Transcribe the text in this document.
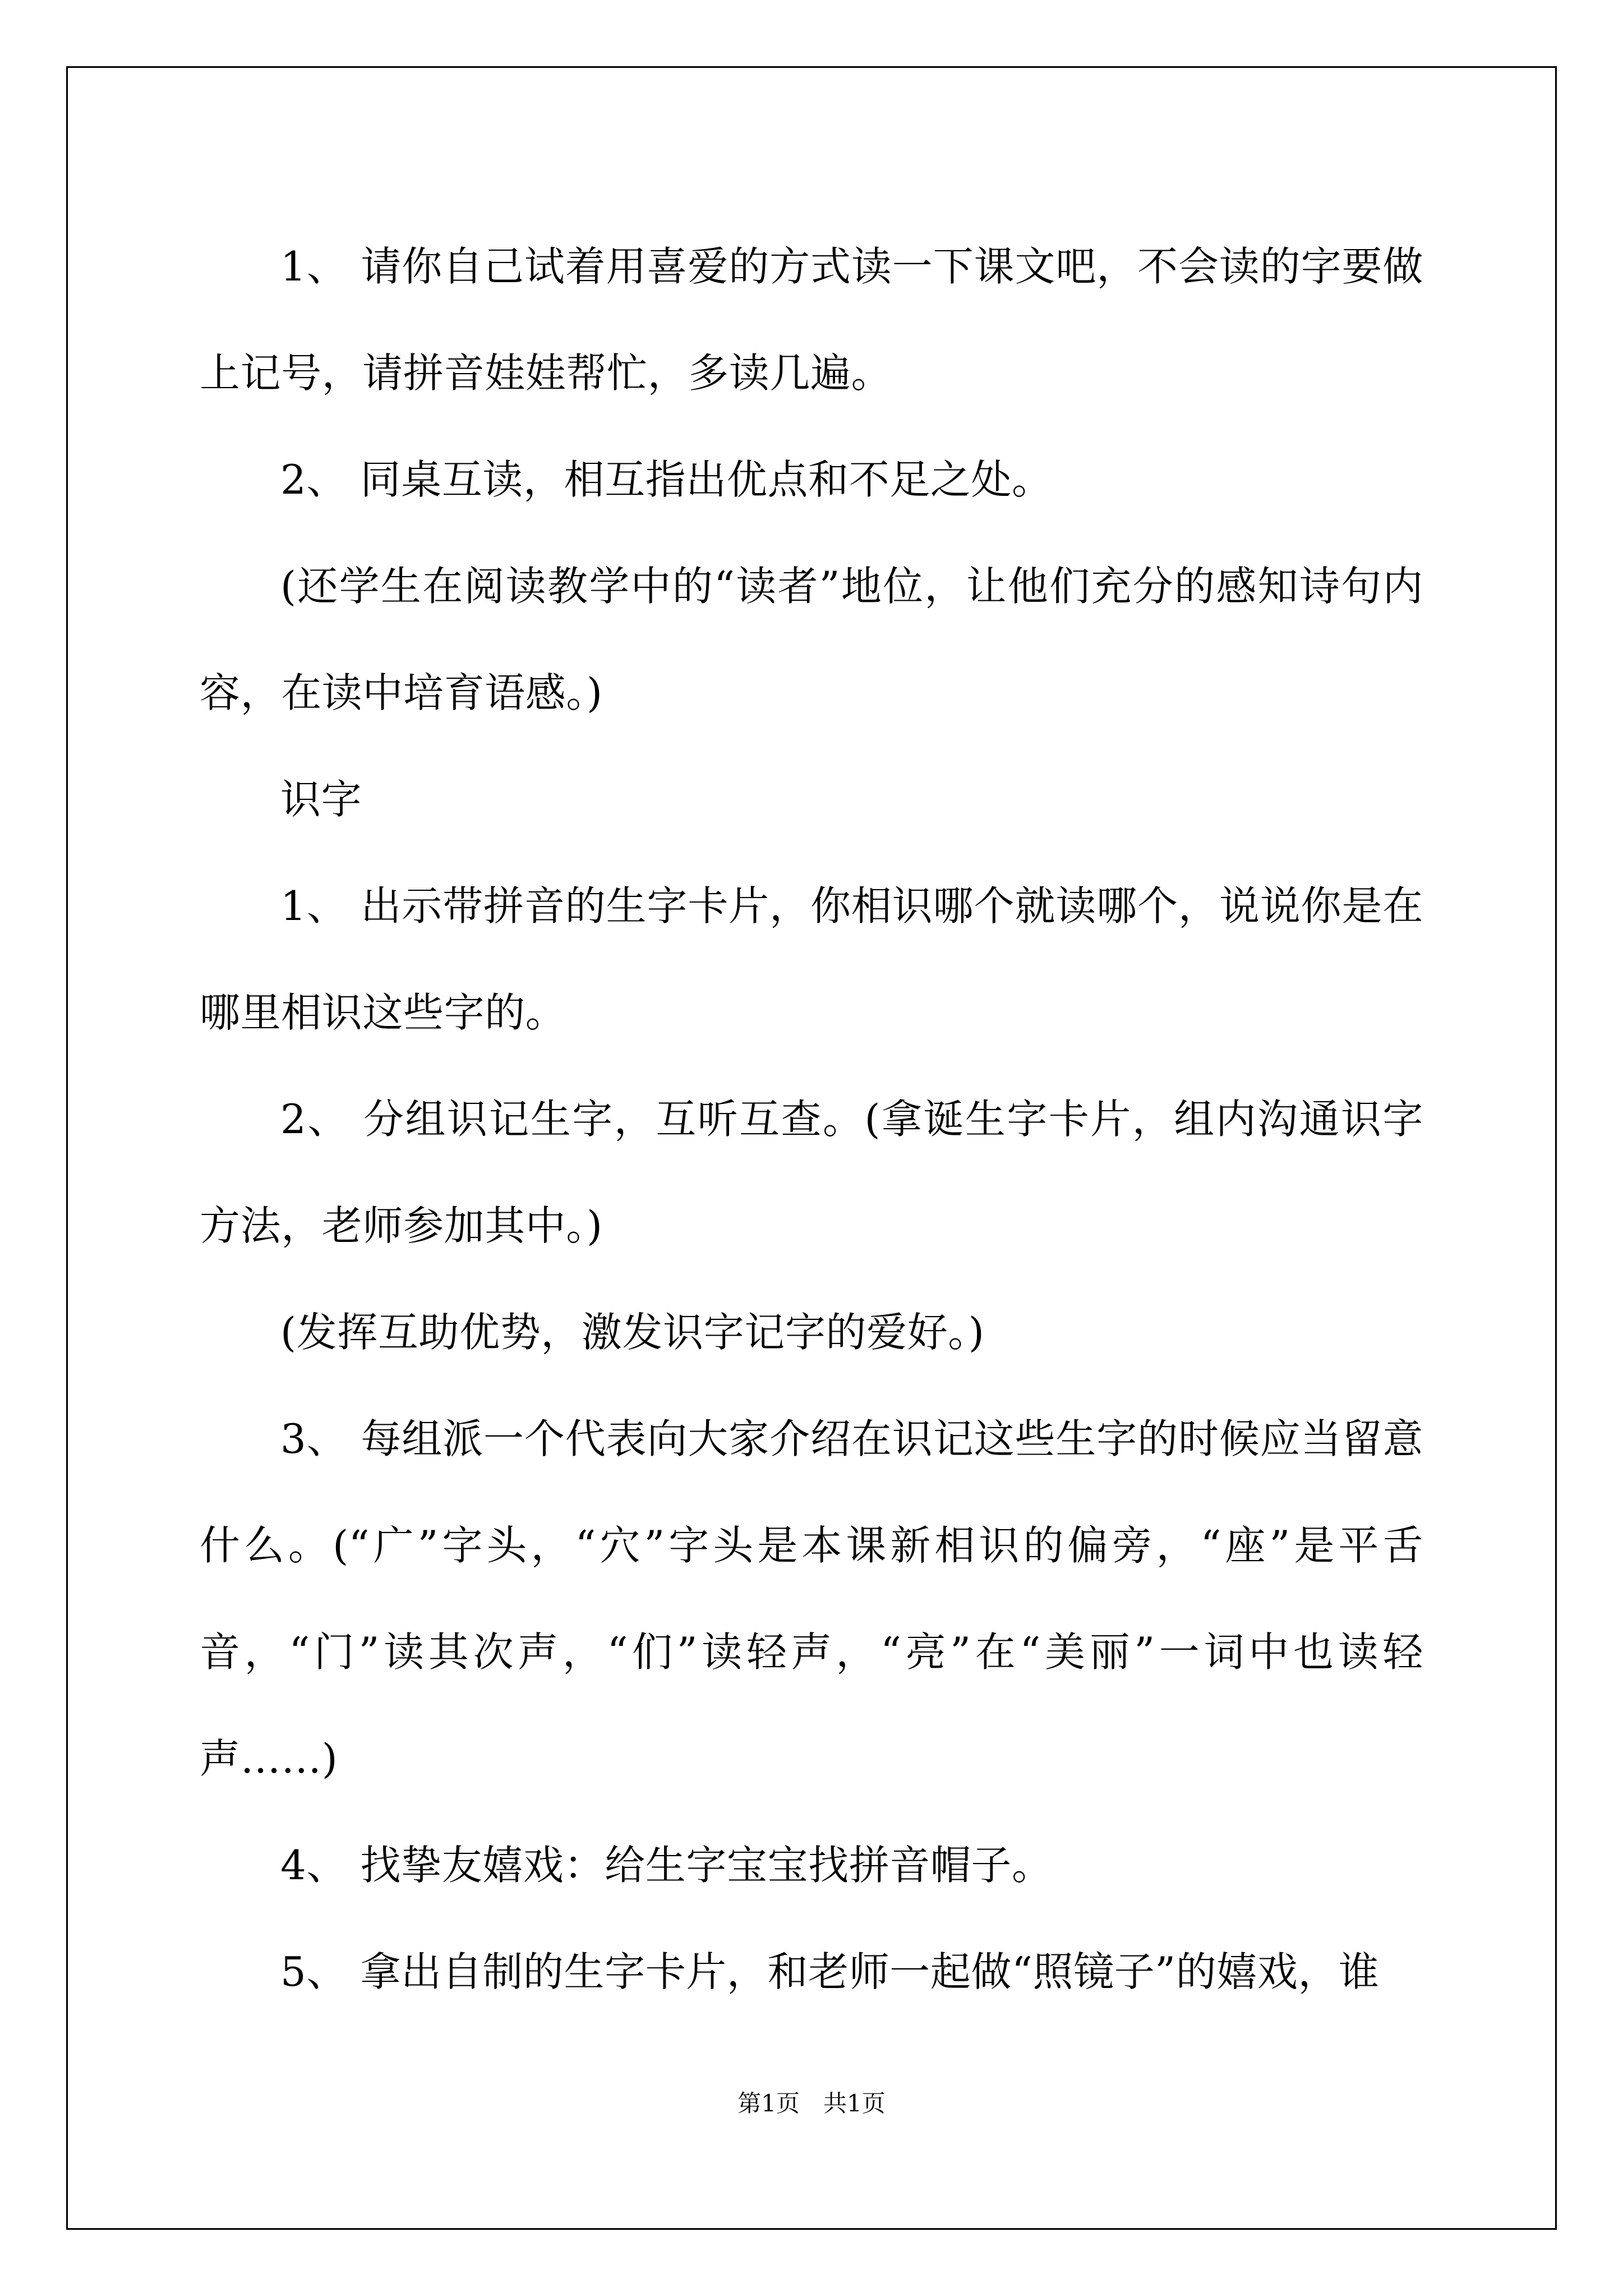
1、 请你自己试着用喜爱的方式读一下课文吧，不会读的字要做上记号，请拼音娃娃帮忙，多读几遍。

2、 同桌互读，相互指出优点和不足之处。

(还学生在阅读教学中的“读者”地位，让他们充分的感知诗句内容，在读中培育语感。)

识字

1、 出示带拼音的生字卡片，你相识哪个就读哪个，说说你是在哪里相识这些字的。

2、 分组识记生字，互听互查。(拿诞生字卡片，组内沟通识字方法，老师参加其中。)

(发挥互助优势，激发识字记字的爱好。)

3、 每组派一个代表向大家介绍在识记这些生字的时候应当留意什么。(“广”字头，“穴”字头是本课新相识的偏旁，“座”是平舌音，“门”读其次声，“们”读轻声，“亮”在“美丽”一词中也读轻声……)

4、 找挚友嬉戏：给生字宝宝找拼音帽子。

5、 拿出自制的生字卡片，和老师一起做“照镜子”的嬉戏，谁

第1页　共1页
